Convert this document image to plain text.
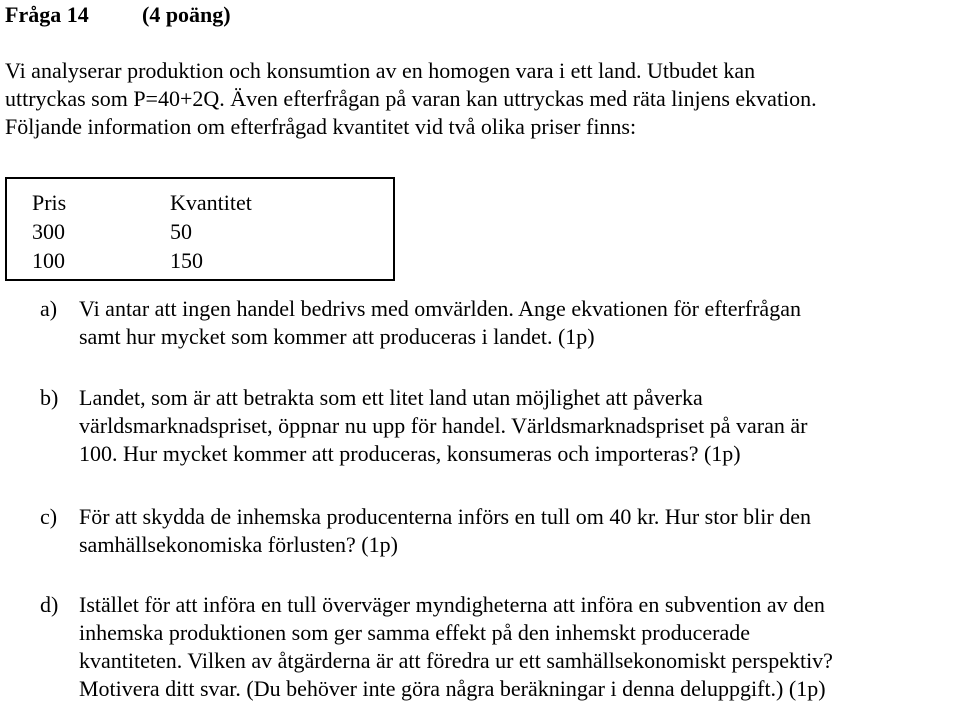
Fråga 14 (4 poäng)
Vi analyserar produktion och konsumtion av en homogen vara i ett land. Utbudet kan
uttryckas som P=40+2Q. Även efterfrågan på varan kan uttryckas med räta linjens ekvation.
Följande information om efterfrågad kvantitet vid två olika priser finns:
Pris	Kvantitet
300	50
100	150
a) Vi antar att ingen handel bedrivs med omvärlden. Ange ekvationen för efterfrågan
samt hur mycket som kommer att produceras i landet. (1p)
b) Landet, som är att betrakta som ett litet land utan möjlighet att påverka
världsmarknadspriset, öppnar nu upp för handel. Världsmarknadspriset på varan är
100. Hur mycket kommer att produceras, konsumeras och importeras? (1p)
c) För att skydda de inhemska producenterna införs en tull om 40 kr. Hur stor blir den
samhällsekonomiska förlusten? (1p)
d) Istället för att införa en tull överväger myndigheterna att införa en subvention av den
inhemska produktionen som ger samma effekt på den inhemskt producerade
kvantiteten. Vilken av åtgärderna är att föredra ur ett samhällsekonomiskt perspektiv?
Motivera ditt svar. (Du behöver inte göra några beräkningar i denna deluppgift.) (1p)
